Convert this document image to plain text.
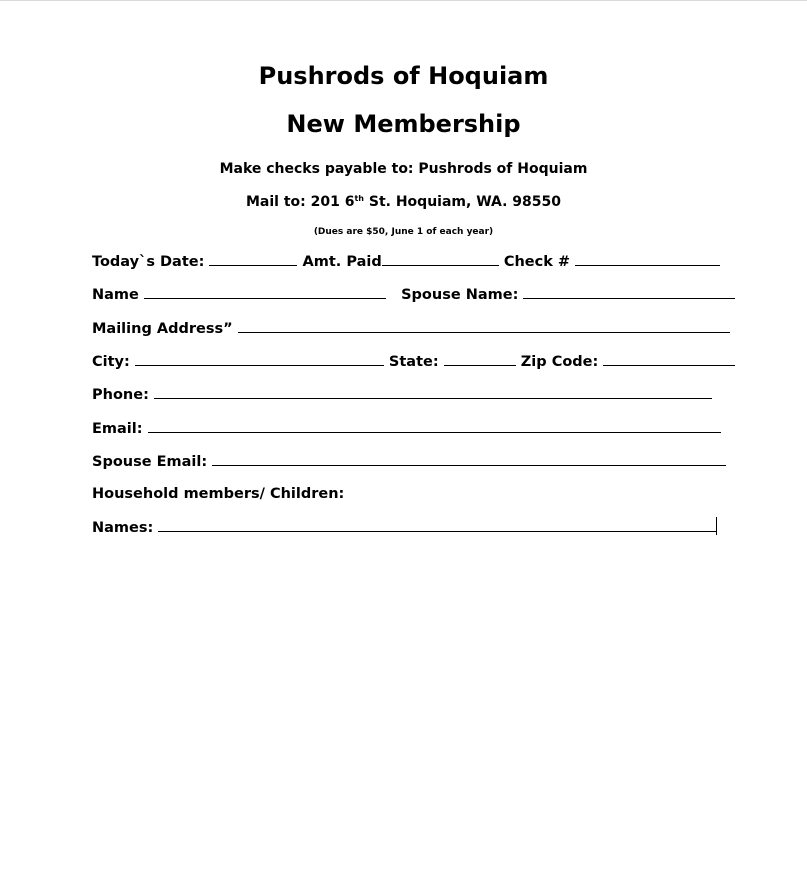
Pushrods of Hoquiam
New Membership
Make checks payable to: Pushrods of Hoquiam
Mail to: 201 6th St. Hoquiam, WA. 98550
(Dues are $50, June 1 of each year)
Today`s Date:	Amt. Paid	Check #
Name	Spouse Name:
Mailing Address”
City:	State:	Zip Code:
Phone:
Email:
Spouse Email:
Household members/ Children:
Names:
